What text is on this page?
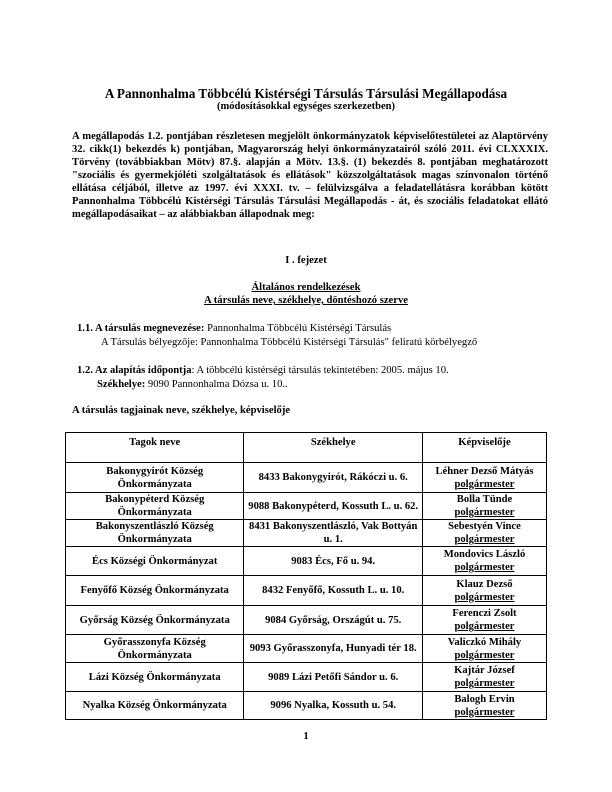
A Pannonhalma Többcélú Kistérségi Társulás Társulási Megállapodása
(módosításokkal egységes szerkezetben)
A megállapodás 1.2. pontjában részletesen megjelölt önkormányzatok képviselőtestületei az Alaptörvény 32. cikk(1) bekezdés k) pontjában, Magyarország helyi önkormányzatairól szóló 2011. évi CLXXXIX. Törvény (továbbiakban Mötv) 87.§. alapján a Mötv. 13.§. (1) bekezdés 8. pontjában meghatározott "szociális és gyermekjóléti szolgáltatások és ellátások" közszolgáltatások magas színvonalon történő ellátása céljából, illetve az 1997. évi XXXI. tv. – felülvizsgálva a feladatellátásra korábban kötött Pannonhalma Többcélú Kistérségi Társulás Társulási Megállapodás - át, és szociális feladatokat ellátó megállapodásaikat – az alábbiakban állapodnak meg:
I . fejezet
Általános rendelkezések
A társulás neve, székhelye, döntéshozó szerve
1.1. A társulás megnevezése: Pannonhalma Többcélú Kistérségi Társulás
A Társulás bélyegzője: Pannonhalma Többcélú Kistérségi Társulás" feliratú körbélyegző
1.2. Az alapítás időpontja: A többcélú kistérségi társulás tekintetében: 2005. május 10.
Székhelye: 9090 Pannonhalma Dózsa u. 10..
A társulás tagjainak neve, székhelye, képviselője
Tagok neve	Székhelye	Képviselője
Bakonygyirót Község Önkormányzata	8433 Bakonygyirót, Rákóczi u. 6.	Léhner Dezső Mátyás
polgármester
Bakonypéterd Község Önkormányzata	9088 Bakonypéterd, Kossuth L. u. 62.	Bolla Tünde
polgármester
Bakonyszentlászló Község Önkormányzata	8431 Bakonyszentlászló, Vak Bottyán u. 1.	Sebestyén Vince
polgármester
Écs Községi Önkormányzat	9083 Écs, Fő u. 94.	Mondovics László
polgármester
Fenyőfő Község Önkormányzata	8432 Fenyőfő, Kossuth L. u. 10.	Klauz Dezső
polgármester
Győrság Község Önkormányzata	9084 Győrság, Országút u. 75.	Ferenczi Zsolt
polgármester
Győrasszonyfa Község Önkormányzata	9093 Győrasszonyfa, Hunyadi tér 18.	Valiczkó Mihály
polgármester
Lázi Község Önkormányzata	9089 Lázi Petőfi Sándor u. 6.	Kajtár József
polgármester
Nyalka Község Önkormányzata	9096 Nyalka, Kossuth u. 54.	Balogh Ervin
polgármester
1
